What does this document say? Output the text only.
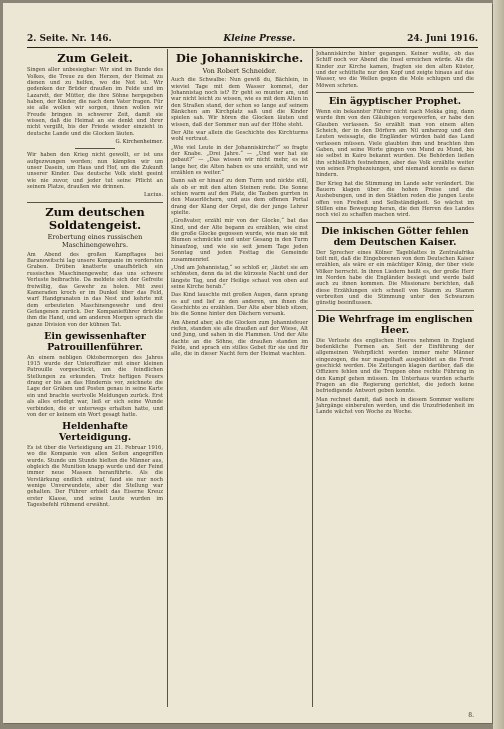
2. Seite. Nr. 146.	Kleine Presse.	24. Juni 1916.
Zum Geleit.

Singen aller unbesiegbar: Wir sind im Bunde des Volkes, die Treue zu den Herzen, der Heimat zu dienen und zu helfen, wo die Not ist. Wir gedenken der Brüder draußen im Felde und im Lazarett, der Mütter, die ihre Söhne hergegeben haben, der Kinder, die nach dem Vater fragen. Für sie alle wollen wir sorgen, ihnen wollen wir Freude bringen in schwerer Zeit, damit sie wissen, daß die Heimat an sie denkt und ihrer nicht vergißt, bis der Friede wieder einzieht in deutsche Lande und die Glocken läuten.

G. Kirchenheimer.

Wir haben den Krieg nicht gewollt, er ist uns aufgezwungen worden; nun kämpfen wir um unser Dasein, um Haus und Hof, um die Zukunft unserer Kinder. Das deutsche Volk steht geeint wie nie zuvor, und jeder tut seine Pflicht an seinem Platze, draußen wie drinnen.

Lucius.

Zum deutschen Soldatengeist.

Erobertung eines russischen Maschinengewehrs.

Am Abend des großen Kampftages bei Baranowitschi lag unsere Kompanie im vordersten Graben. Drüben knatterte unaufhörlich ein russisches Maschinengewehr, das uns schwere Verluste beibrachte. Da meldete sich der Gefreite freiwillig, das Gewehr zu holen. Mit zwei Kameraden kroch er im Dunkel über das Feld, warf Handgranaten in das Nest und kehrte mit dem erbeuteten Maschinengewehr und drei Gefangenen zurück. Der Kompanieführer drückte ihm die Hand, und am anderen Morgen sprach die ganze Division von der kühnen Tat.

Ein gewissenhafter Patrouillenführer.

An einem nebligen Oktobermorgen des Jahres 1915 wurde der Unteroffizier mit einer kleinen Patrouille vorgeschickt, um die feindlichen Stellungen zu erkunden. Trotz heftigen Feuers drang er bis an das Hindernis vor, zeichnete die Lage der Gräben und Posten genau in seine Karte ein und brachte wertvolle Meldungen zurück. Erst als alles erledigt war, ließ er sich seine Wunde verbinden, die er unterwegs erhalten hatte, und von der er keinem ein Wort gesagt hatte.

Heldenhafte Verteidigung.

Es ist über die Verteidigung am 21. Februar 1916, wo die Kompanie von allen Seiten angegriffen wurde. Stunde um Stunde hielten die Männer aus, obgleich die Munition knapp wurde und der Feind immer neue Massen heranführte. Als die Verstärkung endlich eintraf, fand sie nur noch wenige Unverwundete, aber die Stellung war gehalten. Der Führer erhielt das Eiserne Kreuz erster Klasse, und seine Leute wurden im Tagesbefehl rühmend erwähnt.

Die Johanniskirche.

Von Robert Schneider.

Auch die Schwalbe: Nun gewiß du, Bächlein, in wieviel Tage mit dem Wasser kommst, der Johannistag noch ist? Er geht so munter am, und war nicht leicht zu wissen, wie es mit dem Alten in den Straßen stand, der schon so lange auf seinem Bänkchen am Kirchplatz saß und die Kinder spielen sah. Wir hören die Glocken läuten und wissen, daß der Sommer nun auf der Höhe steht.

Der Alte war allein die Geschichte des Kirchturms wohl vertraut.

„Wie viel Leute in der Johanniskirche?“ so fragte der Knabe. „Drei Jahre.“ — „Und wer hat sie gebaut?“ — „Das wissen wir nicht mehr, es ist lange her, die Alten haben es uns erzählt, und wir erzählen es weiter.“

Dann sah er hinauf zu dem Turm und nickte still, als ob er mit den alten Steinen rede. Die Sonne schien warm auf den Platz, die Tauben gurrten in den Mauerlöchern, und aus dem offenen Portal drang der Klang der Orgel, die der junge Lehrer spielte.

„Großvater, erzähl mir von der Glocke,“ bat das Kind, und der Alte begann zu erzählen, wie einst die große Glocke gegossen wurde, wie man sie mit Blumen schmückte und unter Gesang in den Turm hinaufzog, und wie sie seit jenem Tage jeden Sonntag und jeden Festtag die Gemeinde zusammenrief.

„Und am Johannistag,“ so schloß er, „läutet sie am schönsten, denn da ist die kürzeste Nacht und der längste Tag, und der Heilige schaut von oben auf seine Kirche herab.“

Das Kind lauschte mit großen Augen, dann sprang es auf und lief zu den anderen, um ihnen die Geschichte zu erzählen. Der Alte aber blieb sitzen, bis die Sonne hinter den Dächern versank.

Am Abend aber, als die Glocken zum Johannisfeuer riefen, standen sie alle draußen auf der Wiese, Alt und Jung, und sahen in die Flammen. Und der Alte dachte an die Söhne, die draußen standen im Felde, und sprach ein stilles Gebet für sie und für alle, die in dieser Nacht fern der Heimat wachten.

Johanniskirche hinter gegangen. Keiner wußte, ob das Schiff noch vor Abend die Insel erreichen würde. Als die Kinder zur Kirche kamen, fragten sie den alten Küster, und der schüttelte nur den Kopf und zeigte hinaus auf das Wasser, wo die Wellen gegen die Mole schlugen und die Möwen schrien.

Ein ägyptischer Prophet.

Wenn ein bekannter Führer nicht nach Mekka ging, dann wurde ihm von den Gläubigen vorgeworfen, er habe den Glauben verlassen. So erzählt man von einem alten Scheich, der in den Dörfern am Nil umherzog und den Leuten weissagte, die Engländer würden bald das Land verlassen müssen. Viele glaubten ihm und brachten ihm Gaben, und seine Worte gingen von Mund zu Mund, bis sie selbst in Kairo bekannt wurden. Die Behörden ließen ihn schließlich festnehmen, aber das Volk erzählte weiter von seinen Prophezeiungen, und niemand konnte es daran hindern.

Der Krieg hat die Stimmung im Lande sehr verändert. Die Bauern klagen über die hohen Preise und die Aushebungen, und in den Städten reden die jungen Leute offen von Freiheit und Selbständigkeit. So wächst im Stillen eine Bewegung heran, die den Herren des Landes noch viel zu schaffen machen wird.

Die inkischen Götter fehlen dem Deutschen Kaiser.

Der Sprecher eines Kölner Tageblattes in Zentralafrika teilt mit, daß die Eingeborenen von dem Deutschen Kaiser erzählen, als wäre er ein mächtiger König, der über viele Völker herrscht. In ihren Liedern heißt es, der große Herr im Norden habe die Engländer besiegt und werde bald auch zu ihnen kommen. Die Missionare berichten, daß diese Erzählungen sich schnell von Stamm zu Stamm verbreiten und die Stimmung unter den Schwarzen günstig beeinflussen.

Die Wehrfrage im englischen Heer.

Die Verluste des englischen Heeres nehmen in England bedenkliche Formen an. Seit der Einführung der allgemeinen Wehrpflicht werden immer mehr Männer eingezogen, die nur mangelhaft ausgebildet an die Front geschickt werden. Die Zeitungen klagen darüber, daß die Offiziere fehlen und die Truppen ohne rechte Führung in den Kampf gehen müssen. Im Unterhaus wurden scharfe Fragen an die Regierung gerichtet, die jedoch keine befriedigende Antwort geben konnte.

Man rechnet damit, daß noch in diesem Sommer weitere Jahrgänge einberufen werden, und die Unzufriedenheit im Lande wächst von Woche zu Woche.

8.
